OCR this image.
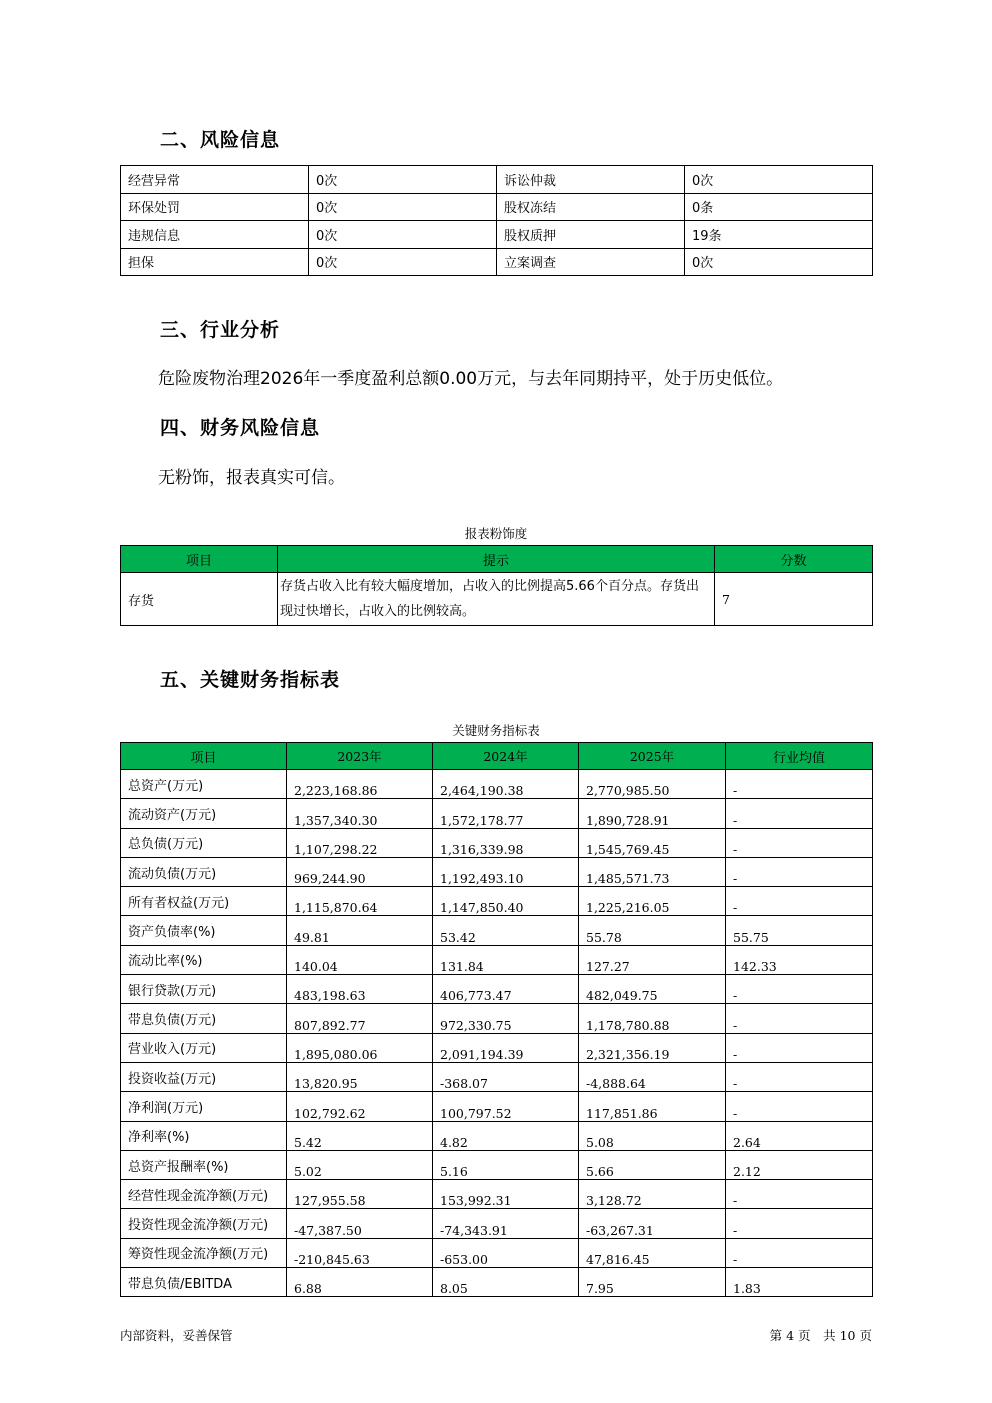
二、风险信息
经营异常	0次	诉讼仲裁	0次
环保处罚	0次	股权冻结	0条
违规信息	0次	股权质押	19条
担保	0次	立案调查	0次
三、行业分析
危险废物治理2026年一季度盈利总额0.00万元，与去年同期持平，处于历史低位。
四、财务风险信息
无粉饰，报表真实可信。
报表粉饰度
项目	提示	分数
存货	存货占收入比有较大幅度增加，占收入的比例提高5.66个百分点。存货出现过快增长，占收入的比例较高。	7
五、关键财务指标表
关键财务指标表
项目	2023年	2024年	2025年	行业均值
总资产(万元)	2,223,168.86	2,464,190.38	2,770,985.50	-
流动资产(万元)	1,357,340.30	1,572,178.77	1,890,728.91	-
总负债(万元)	1,107,298.22	1,316,339.98	1,545,769.45	-
流动负债(万元)	969,244.90	1,192,493.10	1,485,571.73	-
所有者权益(万元)	1,115,870.64	1,147,850.40	1,225,216.05	-
资产负债率(%)	49.81	53.42	55.78	55.75
流动比率(%)	140.04	131.84	127.27	142.33
银行贷款(万元)	483,198.63	406,773.47	482,049.75	-
带息负债(万元)	807,892.77	972,330.75	1,178,780.88	-
营业收入(万元)	1,895,080.06	2,091,194.39	2,321,356.19	-
投资收益(万元)	13,820.95	-368.07	-4,888.64	-
净利润(万元)	102,792.62	100,797.52	117,851.86	-
净利率(%)	5.42	4.82	5.08	2.64
总资产报酬率(%)	5.02	5.16	5.66	2.12
经营性现金流净额(万元)	127,955.58	153,992.31	3,128.72	-
投资性现金流净额(万元)	-47,387.50	-74,343.91	-63,267.31	-
筹资性现金流净额(万元)	-210,845.63	-653.00	47,816.45	-
带息负债/EBITDA	6.88	8.05	7.95	1.83
内部资料，妥善保管	第 4 页　共 10 页
